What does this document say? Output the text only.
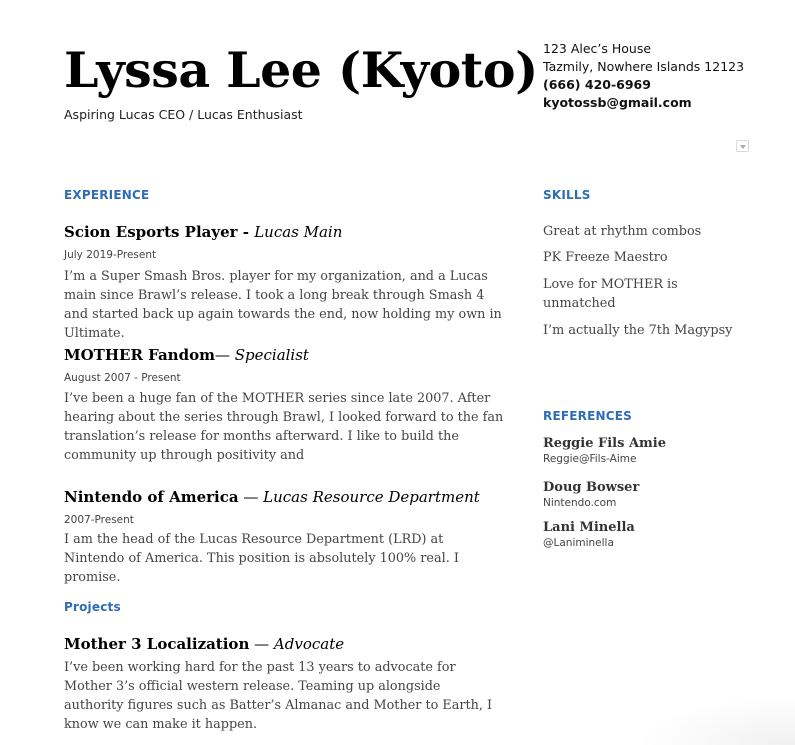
Lyssa Lee (Kyoto)
Aspiring Lucas CEO / Lucas Enthusiast
123 Alec’s House
Tazmily, Nowhere Islands 12123
(666) 420-6969
kyotossb@gmail.com
EXPERIENCE
Scion Esports Player - Lucas Main
July 2019-Present
I’m a Super Smash Bros. player for my organization, and a Lucas main since Brawl’s release. I took a long break through Smash 4 and started back up again towards the end, now holding my own in Ultimate.
MOTHER Fandom— Specialist
August 2007 - Present
I’ve been a huge fan of the MOTHER series since late 2007. After hearing about the series through Brawl, I looked forward to the fan translation’s release for months afterward. I like to build the community up through positivity and
Nintendo of America — Lucas Resource Department
2007-Present
I am the head of the Lucas Resource Department (LRD) at Nintendo of America. This position is absolutely 100% real. I promise.
Projects
Mother 3 Localization — Advocate
I’ve been working hard for the past 13 years to advocate for Mother 3’s official western release. Teaming up alongside authority figures such as Batter’s Almanac and Mother to Earth, I know we can make it happen.
SKILLS
Great at rhythm combos
PK Freeze Maestro
Love for MOTHER is unmatched
I’m actually the 7th Magypsy
REFERENCES
Reggie Fils Amie
Reggie@Fils-Aime
Doug Bowser
Nintendo.com
Lani Minella
@Laniminella
